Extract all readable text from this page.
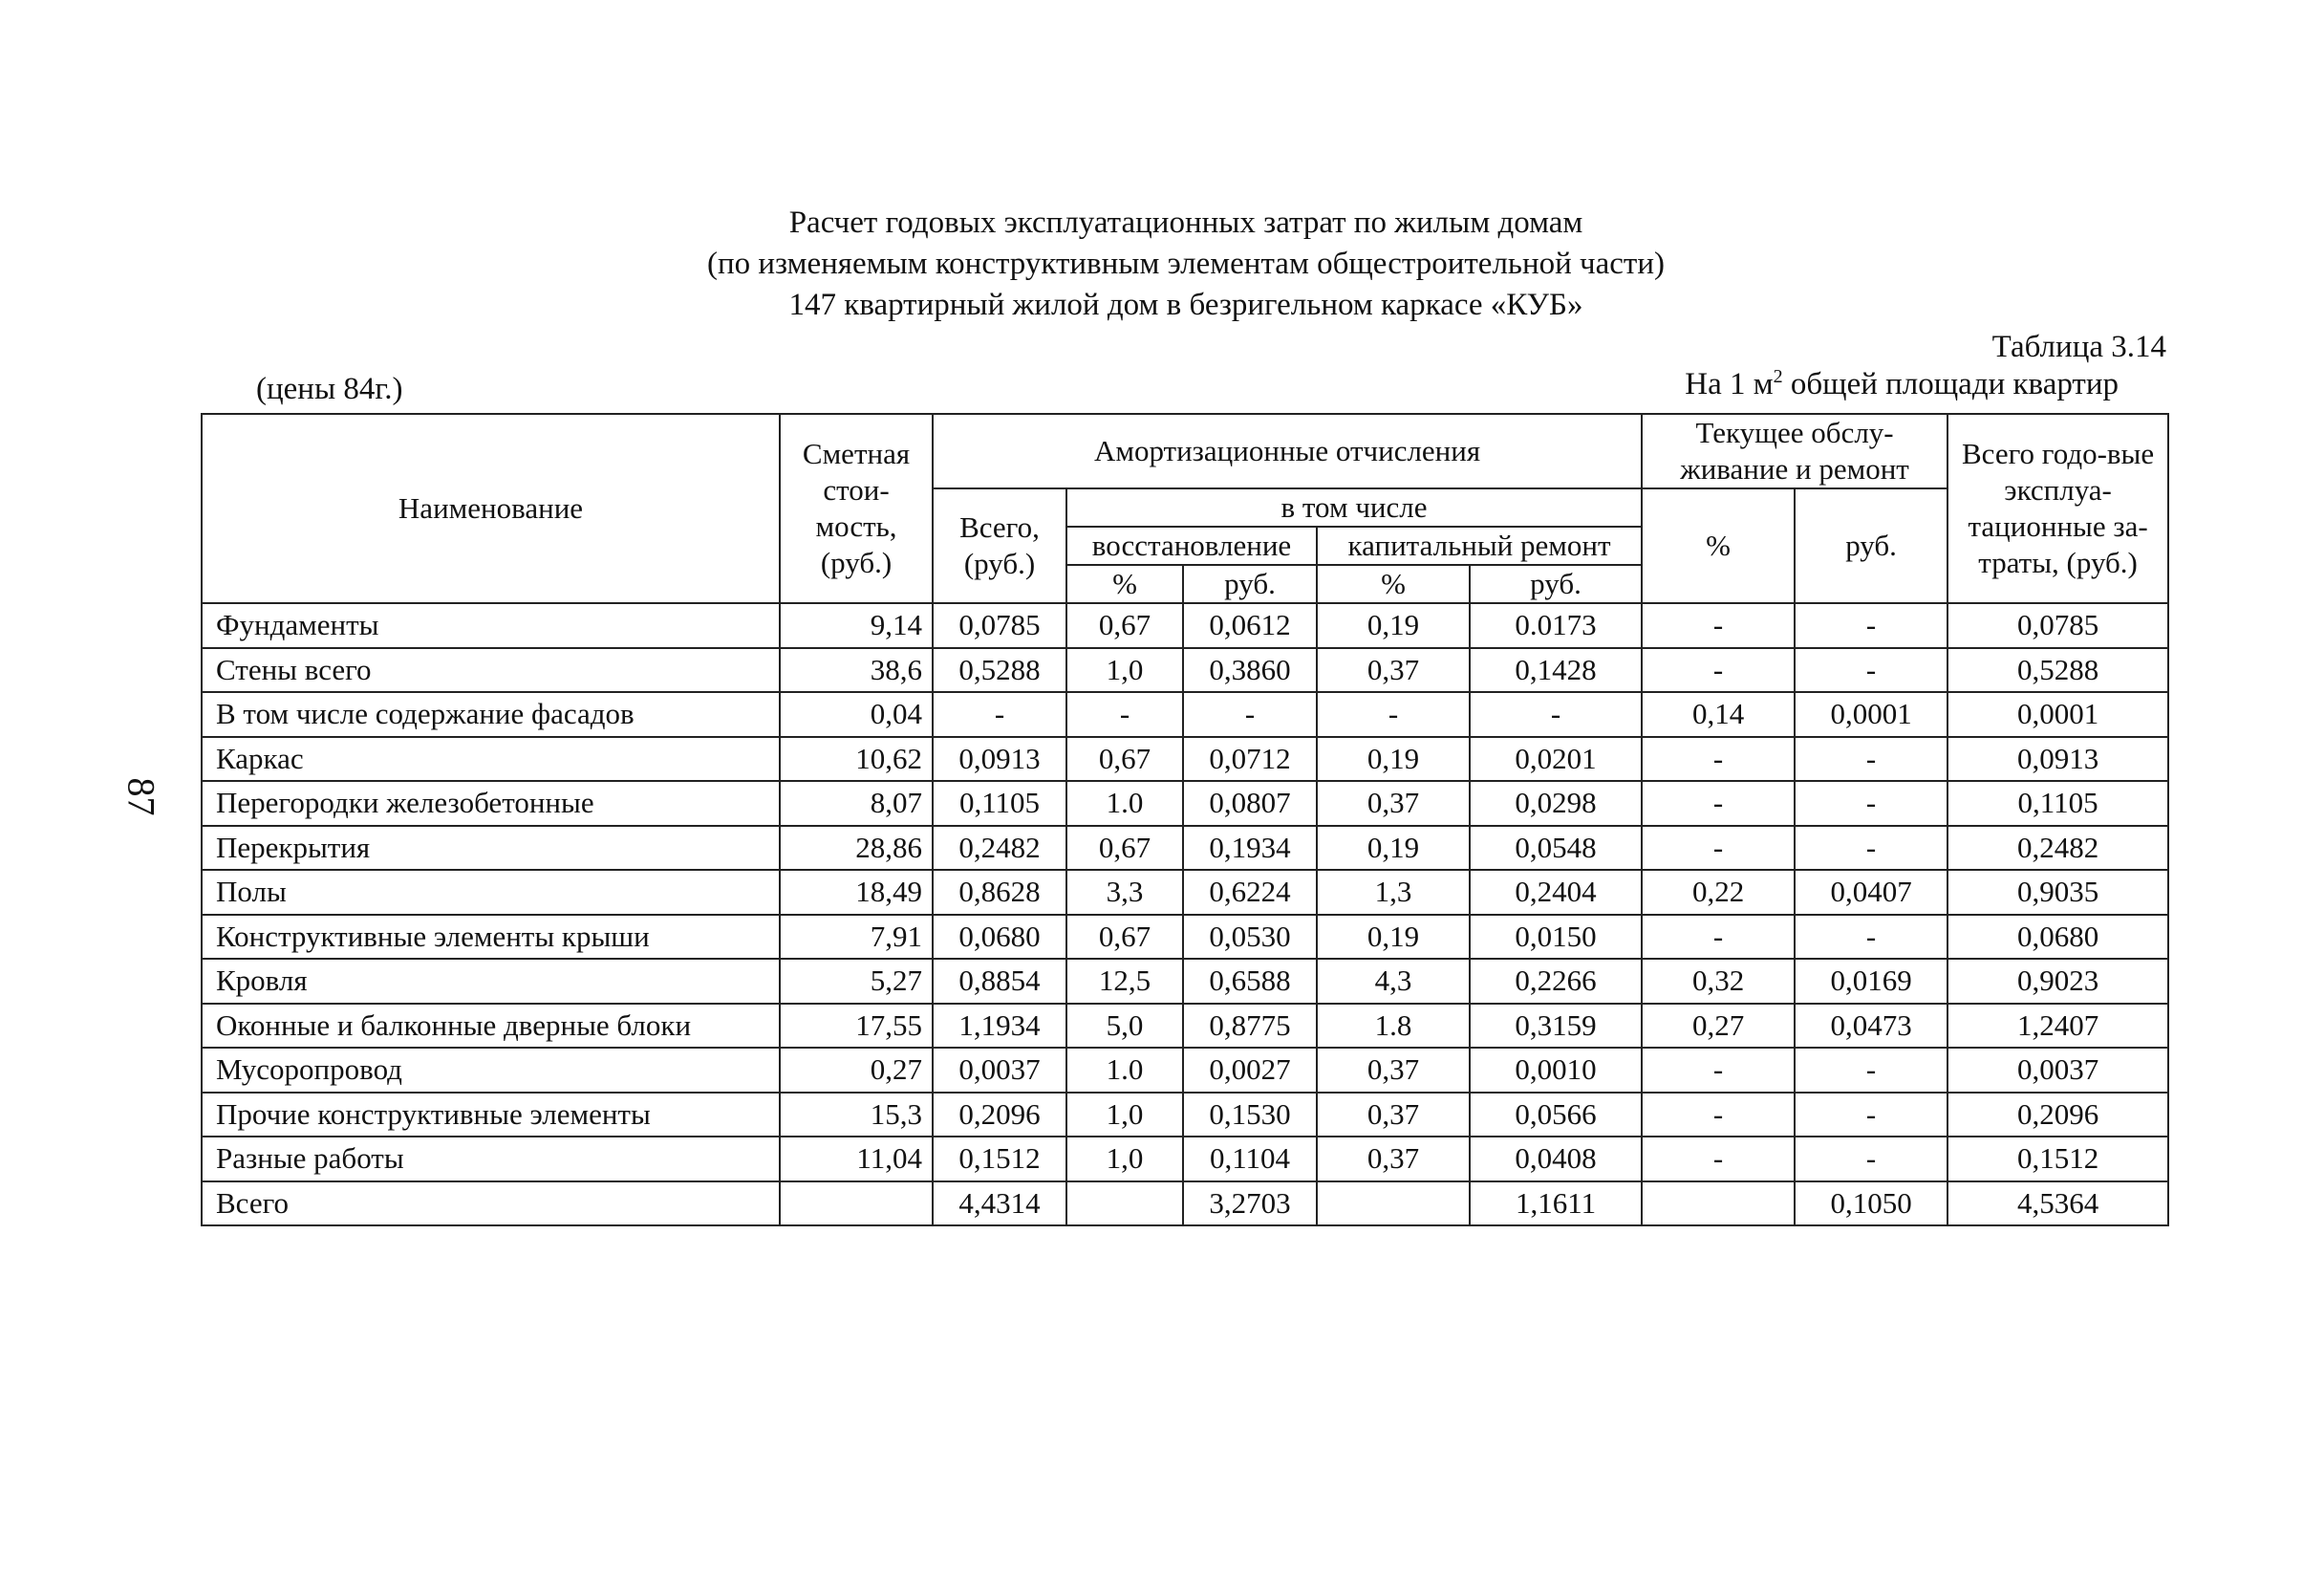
Расчет годовых эксплуатационных затрат по жилым домам
(по изменяемым конструктивным элементам общестроительной части)
147 квартирный жилой дом в безригельном каркасе «КУБ»
Таблица 3.14
(цены 84г.)	На 1 $м^2$ общей площади квартир
87
Наименование	Сметная стои-мость, (руб.)	Амортизационные отчисления					Текущее обслу-живание и ремонт		Всего годо-вые эксплуа-тационные за-траты, (руб.)
		Всего, (руб.)	в том числе				%	руб.	
			восстановление		капитальный ремонт				
			%	руб.	%	руб.			
Фундаменты	9,14	0,0785	0,67	0,0612	0,19	0.0173	-	-	0,0785
Стены всего	38,6	0,5288	1,0	0,3860	0,37	0,1428	-	-	0,5288
В том числе содержание фасадов	0,04	-	-	-	-	-	0,14	0,0001	0,0001
Каркас	10,62	0,0913	0,67	0,0712	0,19	0,0201	-	-	0,0913
Перегородки железобетонные	8,07	0,1105	1.0	0,0807	0,37	0,0298	-	-	0,1105
Перекрытия	28,86	0,2482	0,67	0,1934	0,19	0,0548	-	-	0,2482
Полы	18,49	0,8628	3,3	0,6224	1,3	0,2404	0,22	0,0407	0,9035
Конструктивные элементы крыши	7,91	0,0680	0,67	0,0530	0,19	0,0150	-	-	0,0680
Кровля	5,27	0,8854	12,5	0,6588	4,3	0,2266	0,32	0,0169	0,9023
Оконные и балконные дверные блоки	17,55	1,1934	5,0	0,8775	1.8	0,3159	0,27	0,0473	1,2407
Мусоропровод	0,27	0,0037	1.0	0,0027	0,37	0,0010	-	-	0,0037
Прочие конструктивные элементы	15,3	0,2096	1,0	0,1530	0,37	0,0566	-	-	0,2096
Разные работы	11,04	0,1512	1,0	0,1104	0,37	0,0408	-	-	0,1512
Всего		4,4314		3,2703		1,1611		0,1050	4,5364
